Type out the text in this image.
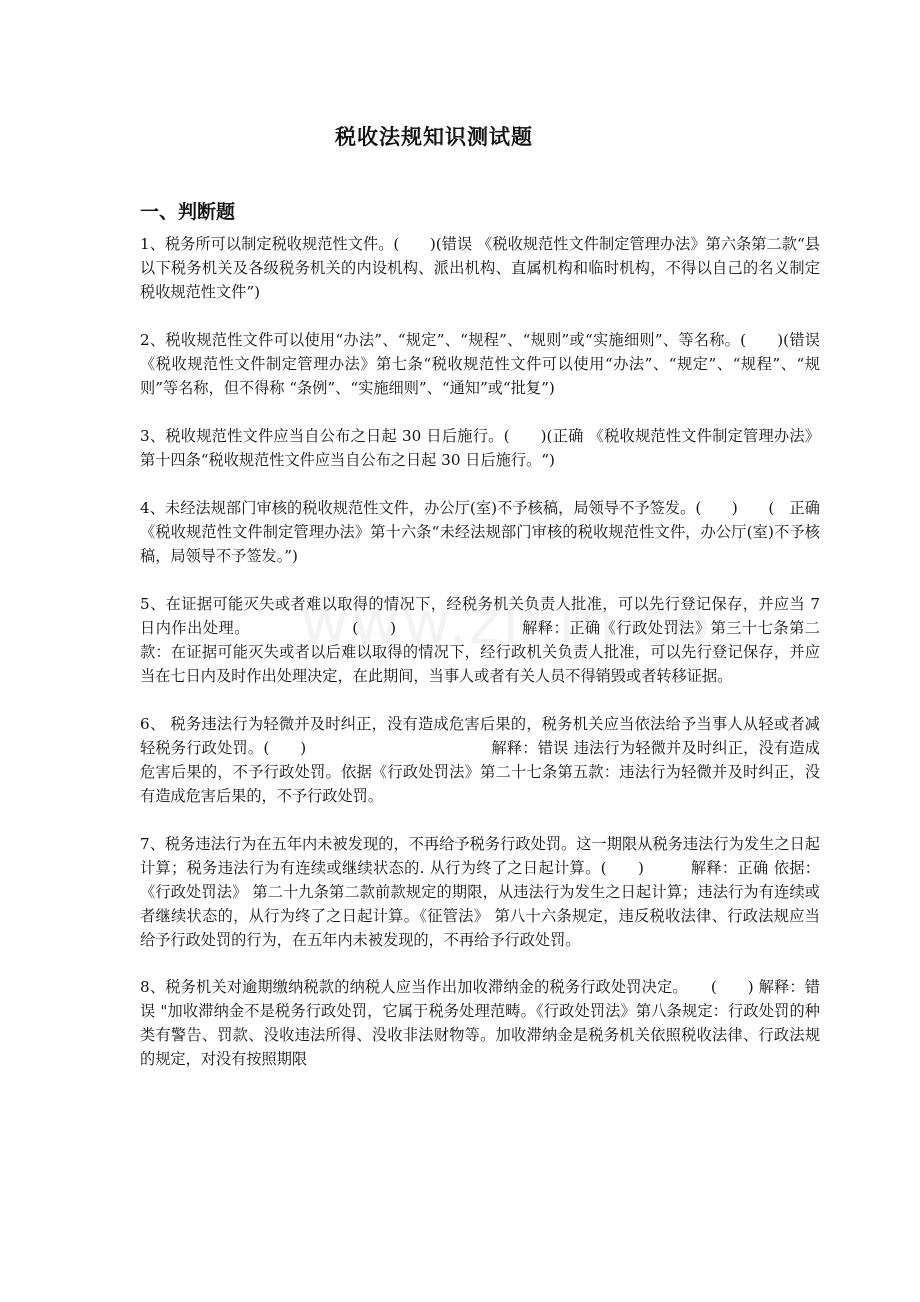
税收法规知识测试题
一、判断题

1、税务所可以制定税收规范性文件。(　　)(错误 《税收规范性文件制定管理办法》第六条第二款“县以下税务机关及各级税务机关的内设机构、派出机构、直属机构和临时机构，不得以自己的名义制定税收规范性文件”)

2、税收规范性文件可以使用“办法”、“规定”、“规程”、“规则”或“实施细则”、等名称。(　　)(错误　《税收规范性文件制定管理办法》第七条“税收规范性文件可以使用“办法”、“规定”、“规程”、“规则”等名称，但不得称 “条例”、“实施细则”、“通知”或“批复”)

3、税收规范性文件应当自公布之日起 30 日后施行。(　　)(正确 《税收规范性文件制定管理办法》第十四条“税收规范性文件应当自公布之日起 30 日后施行。“)

4、未经法规部门审核的税收规范性文件，办公厅(室)不予核稿，局领导不予签发。(　　)　　(　正确　《税收规范性文件制定管理办法》第十六条“未经法规部门审核的税收规范性文件，办公厅(室)不予核稿，局领导不予签发。”)

5、在证据可能灭失或者难以取得的情况下，经税务机关负责人批准，可以先行登记保存，并应当 7 日内作出处理。　　　　　　　(　　)　　　　　　　　解释：正确《行政处罚法》第三十七条第二款：在证据可能灭失或者以后难以取得的情况下，经行政机关负责人批准，可以先行登记保存，并应当在七日内及时作出处理决定，在此期间，当事人或者有关人员不得销毁或者转移证据。

6、 税务违法行为轻微并及时纠正，没有造成危害后果的，税务机关应当依法给予当事人从轻或者减轻税务行政处罚。(　　)　　　　　　　　　　　　解释：错误 违法行为轻微并及时纠正，没有造成危害后果的，不予行政处罚。依据《行政处罚法》第二十七条第五款：违法行为轻微并及时纠正，没有造成危害后果的，不予行政处罚。

7、税务违法行为在五年内未被发现的，不再给予税务行政处罚。这一期限从税务违法行为发生之日起计算；税务违法行为有连续或继续状态的. 从行为终了之日起计算。(　　)　　　解释：正确 依据：《行政处罚法》 第二十九条第二款前款规定的期限，从违法行为发生之日起计算；违法行为有连续或者继续状态的，从行为终了之日起计算。《征管法》 第八十六条规定，违反税收法律、行政法规应当给予行政处罚的行为，在五年内未被发现的，不再给予行政处罚。

8、税务机关对逾期缴纳税款的纳税人应当作出加收滞纳金的税务行政处罚决定。　　(　　) 解释：错误 "加收滞纳金不是税务行政处罚，它属于税务处理范畴。《行政处罚法》第八条规定：行政处罚的种类有警告、罚款、没收违法所得、没收非法财物等。加收滞纳金是税务机关依照税收法律、行政法规的规定，对没有按照期限
